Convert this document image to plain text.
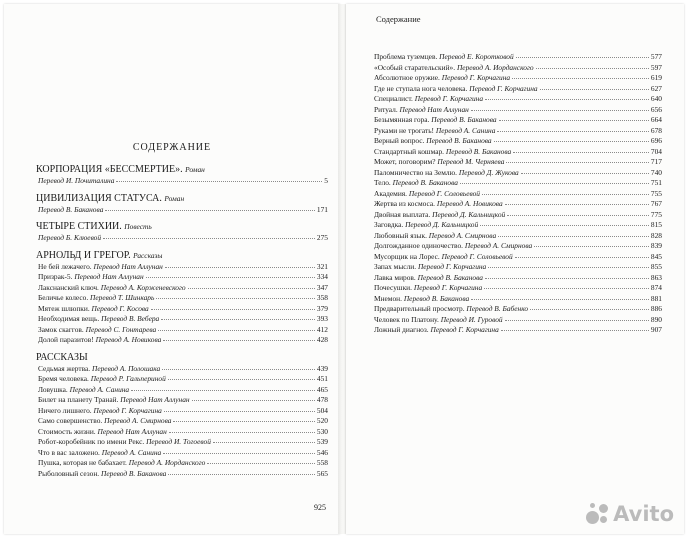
СОДЕРЖАНИЕ
КОРПОРАЦИЯ «БЕССМЕРТИЕ». Роман
Перевод И. Почиталина	5
ЦИВИЛИЗАЦИЯ СТАТУСА. Роман
Перевод В. Бакановa	171
ЧЕТЫРЕ СТИХИИ. Повесть
Перевод Б. Клюевой	275
АРНОЛЬД И ГРЕГОР. Рассказы
Не бей лежачего. Перевод Нат Аллунан	321
Призрак-5. Перевод Нат Аллунан	334
Лакснанский ключ. Перевод А. Корженевского	347
Беличье колесо. Перевод Т. Шинкарь	358
Мятеж шлюпки. Перевод Г. Косова	379
Необходимая вещь. Перевод В. Вебера	393
Замок скаггов. Перевод С. Гонтарева	412
Долой паразитов! Перевод А. Новикова	428
РАССКАЗЫ
Седьмая жертва. Перевод А. Полошака	439
Бремя человека. Перевод Р. Гальпериной	451
Ловушка. Перевод А. Санина	465
Билет на планету Транай. Перевод Нат Аллунан	478
Ничего лишнего. Перевод Г. Корчагина	504
Само совершенство. Перевод А. Смирнова	520
Стоимость жизни. Перевод Нат Аллунан	530
Робот-коробейник по имени Рекс. Перевод И. Тогоевой	539
Что в вас заложено. Перевод А. Санина	546
Пушка, которая не бабахает. Перевод А. Иорданского	558
Рыболовный сезон. Перевод В. Баканова	565
925
Содержание
Проблема туземцев. Перевод Е. Коротковой	577
«Особый старательский». Перевод А. Иорданского	597
Абсолютное оружие. Перевод Г. Корчагина	619
Где не ступала нога человека. Перевод Г. Корчагина	627
Специалист. Перевод Г. Корчагина	640
Ритуал. Перевод Нат Аллунан	656
Безымянная гора. Перевод В. Баканова	664
Руками не трогать! Перевод А. Санина	678
Верный вопрос. Перевод В. Баканова	696
Стандартный кошмар. Перевод В. Баканова	704
Может, поговорим? Перевод М. Черняева	717
Паломничество на Землю. Перевод Д. Жуковa	740
Тело. Перевод В. Баканова	751
Академия. Перевод Г. Соловьевой	755
Жертва из космоса. Перевод А. Новикова	767
Двойная выплата. Перевод Д. Кальницкой	775
Заговдка. Перевод Д. Кальницкой	815
Любовный язык. Перевод А. Смирнова	828
Долгожданное одиночество. Перевод А. Смирнова	839
Мусорщик на Лорес. Перевод Г. Соловьевой	845
Запах мысли. Перевод Г. Корчагина	855
Лавка миров. Перевод В. Баканова	863
Почесушки. Перевод Г. Корчагина	874
Мнемон. Перевод В. Баканова	881
Предварительный просмотр. Перевод В. Бабенко	886
Человек по Платону. Перевод И. Гуровой	890
Ложный диагноз. Перевод Г. Корчагина	907
Avito
